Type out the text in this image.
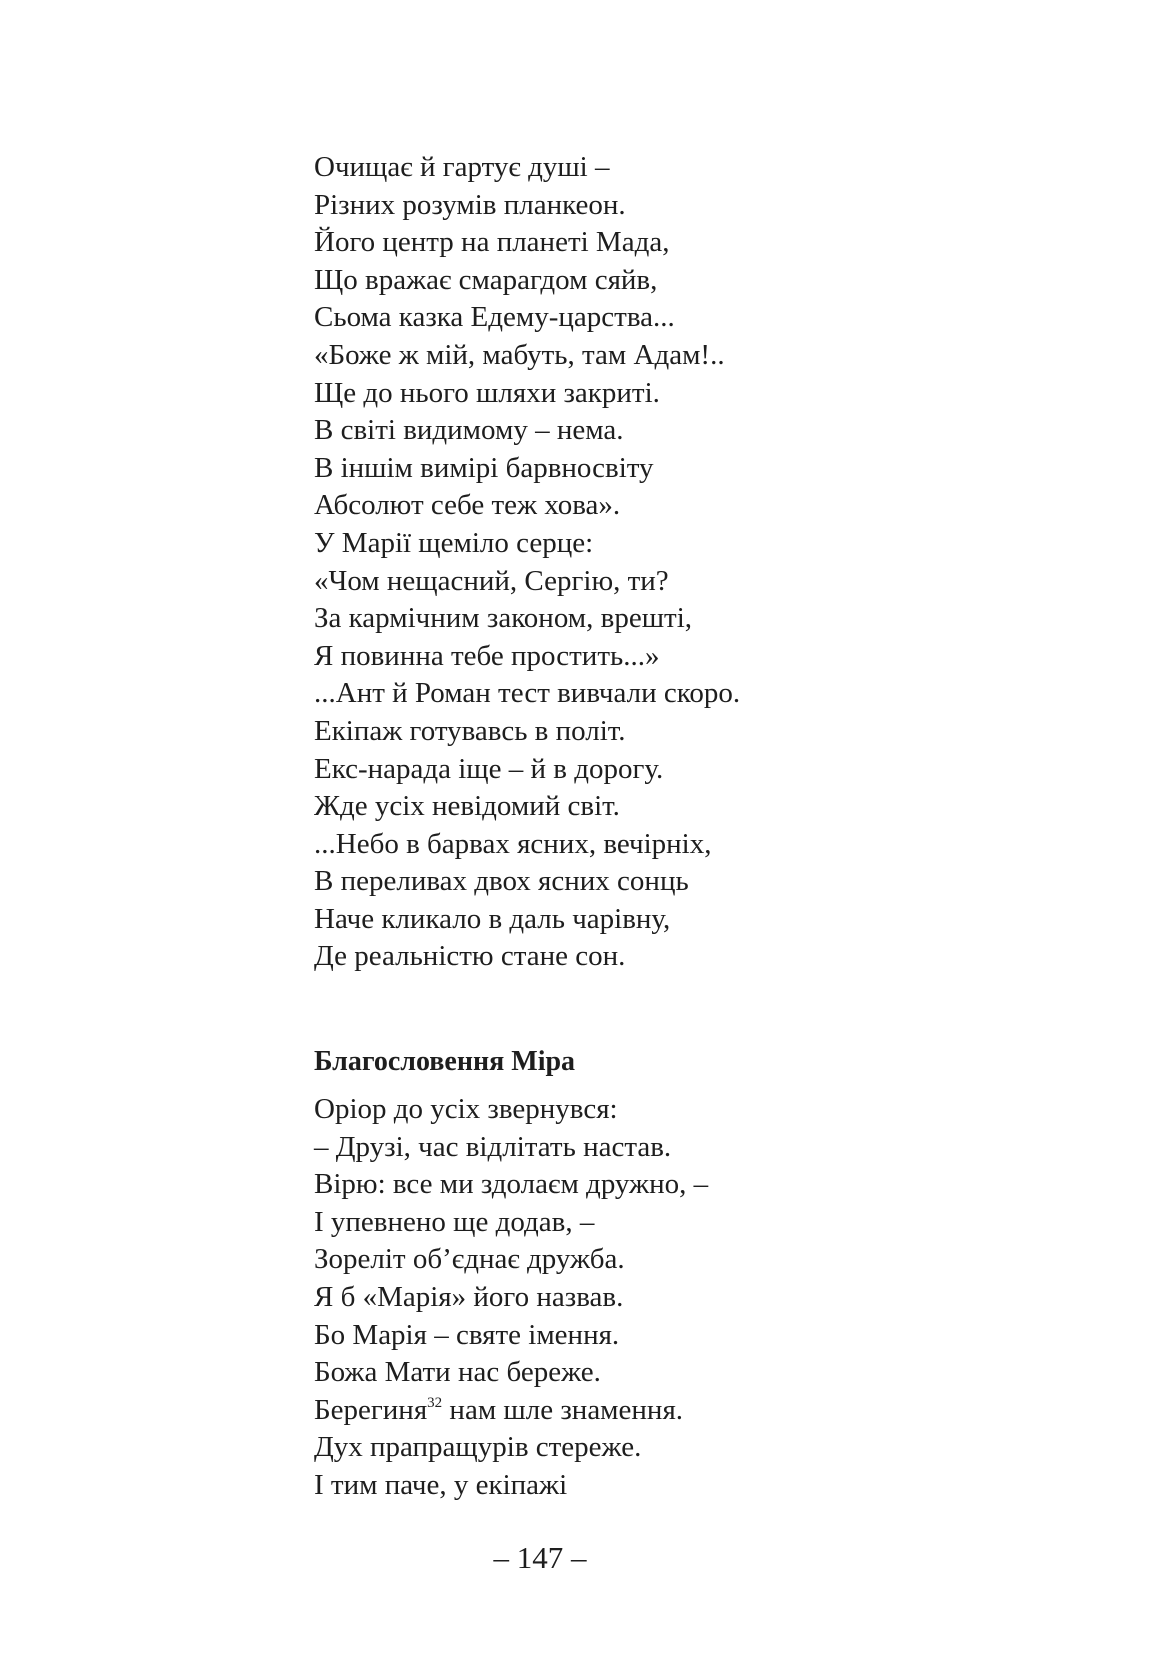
Очищає й гартує душі –
Різних розумів планкеон.
Його центр на планеті Мада,
Що вражає смарагдом сяйв,
Сьома казка Едему-царства...
«Боже ж мій, мабуть, там Адам!..
Ще до нього шляхи закриті.
В світі видимому – нема.
В іншім вимірі барвносвіту
Абсолют себе теж хова».
У Марії щеміло серце:
«Чом нещасний, Сергію, ти?
За кармічним законом, врешті,
Я повинна тебе простить...»
...Ант й Роман тест вивчали скоро.
Екіпаж готувавсь в політ.
Екс-нарада іще – й в дорогу.
Жде усіх невідомий світ.
...Небо в барвах ясних, вечірніх,
В переливах двох ясних сонць
Наче кликало в даль чарівну,
Де реальністю стане сон.
Благословення Міра
Оріор до усіх звернувся:
– Друзі, час відлітать настав.
Вірю: все ми здолаєм дружно, –
І упевнено ще додав, –
Зореліт об’єднає дружба.
Я б «Марія» його назвав.
Бо Марія – святе імення.
Божа Мати нас береже.
Берегиня$^{32}$ нам шле знамення.
Дух прапращурів стереже.
І тим паче, у екіпажі
– 147 –
